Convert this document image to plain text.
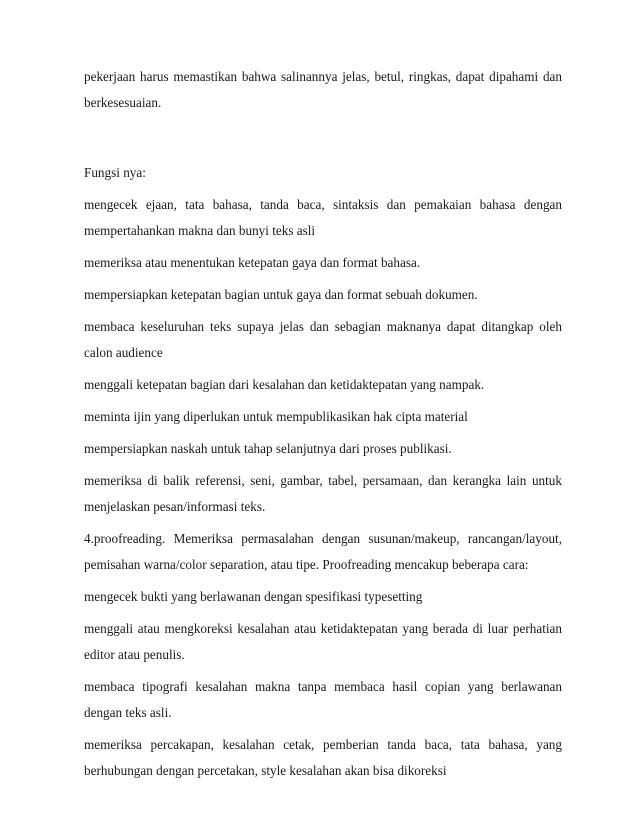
pekerjaan harus memastikan bahwa salinannya jelas, betul, ringkas, dapat dipahami dan berkesesuaian.

Fungsi nya:

mengecek ejaan, tata bahasa, tanda baca, sintaksis dan pemakaian bahasa dengan mempertahankan makna dan bunyi teks asli

memeriksa atau menentukan ketepatan gaya dan format bahasa.

mempersiapkan ketepatan bagian untuk gaya dan format sebuah dokumen.

membaca keseluruhan teks supaya jelas dan sebagian maknanya dapat ditangkap oleh calon audience

menggali ketepatan bagian dari kesalahan dan ketidaktepatan yang nampak.

meminta ijin yang diperlukan untuk mempublikasikan hak cipta material

mempersiapkan naskah untuk tahap selanjutnya dari proses publikasi.

memeriksa di balik referensi, seni, gambar, tabel, persamaan, dan kerangka lain untuk menjelaskan pesan/informasi teks.

4.proofreading. Memeriksa permasalahan dengan susunan/makeup, rancangan/layout, pemisahan warna/color separation, atau tipe. Proofreading mencakup beberapa cara:

mengecek bukti yang berlawanan dengan spesifikasi typesetting

menggali atau mengkoreksi kesalahan atau ketidaktepatan yang berada di luar perhatian editor atau penulis.

membaca tipografi kesalahan makna tanpa membaca hasil copian yang berlawanan dengan teks asli.

memeriksa percakapan, kesalahan cetak, pemberian tanda baca, tata bahasa, yang berhubungan dengan percetakan, style kesalahan akan bisa dikoreksi
